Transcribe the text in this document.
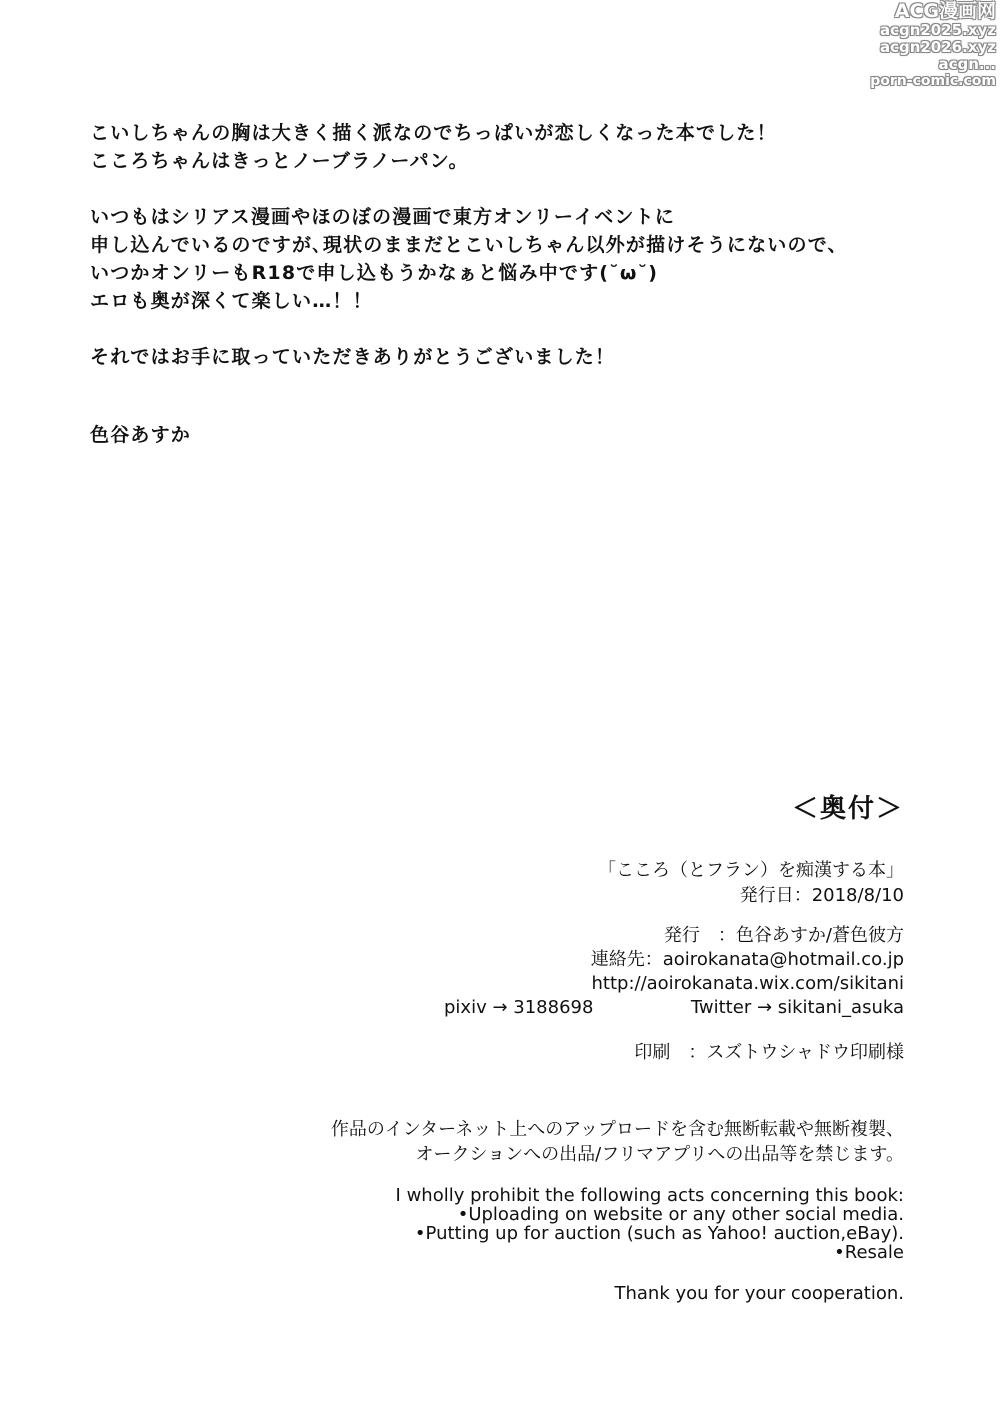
ACG漫画网
acgn2025.xyz
acgn2026.xyz
acgn...
porn-comic.com

こいしちゃんの胸は大きく描く派なのでちっぱいが恋しくなった本でした！

こころちゃんはきっとノーブラノーパン。

いつもはシリアス漫画やほのぼの漫画で東方オンリーイベントに

申し込んでいるのですが､現状のままだとこいしちゃん以外が描けそうにないので、

いつかオンリーもR18で申し込もうかなぁと悩み中です(˘ω˘)

エロも奥が深くて楽しい…！！

それではお手に取っていただきありがとうございました！

色谷あすか

＜奥付＞

「こころ（とフラン）を痴漢する本」

発行日：2018/8/10

発行　：色谷あすか/蒼色彼方

連絡先：aoirokanata@hotmail.co.jp

http://aoirokanata.wix.com/sikitani

pixiv → 3188698	Twitter → sikitani_asuka

印刷　：スズトウシャドウ印刷様

作品のインターネット上へのアップロードを含む無断転載や無断複製、

オークションへの出品/フリマアプリへの出品等を禁じます。

I wholly prohibit the following acts concerning this book:

•Uploading on website or any other social media.

•Putting up for auction (such as Yahoo! auction,eBay).

•Resale

Thank you for your cooperation.
